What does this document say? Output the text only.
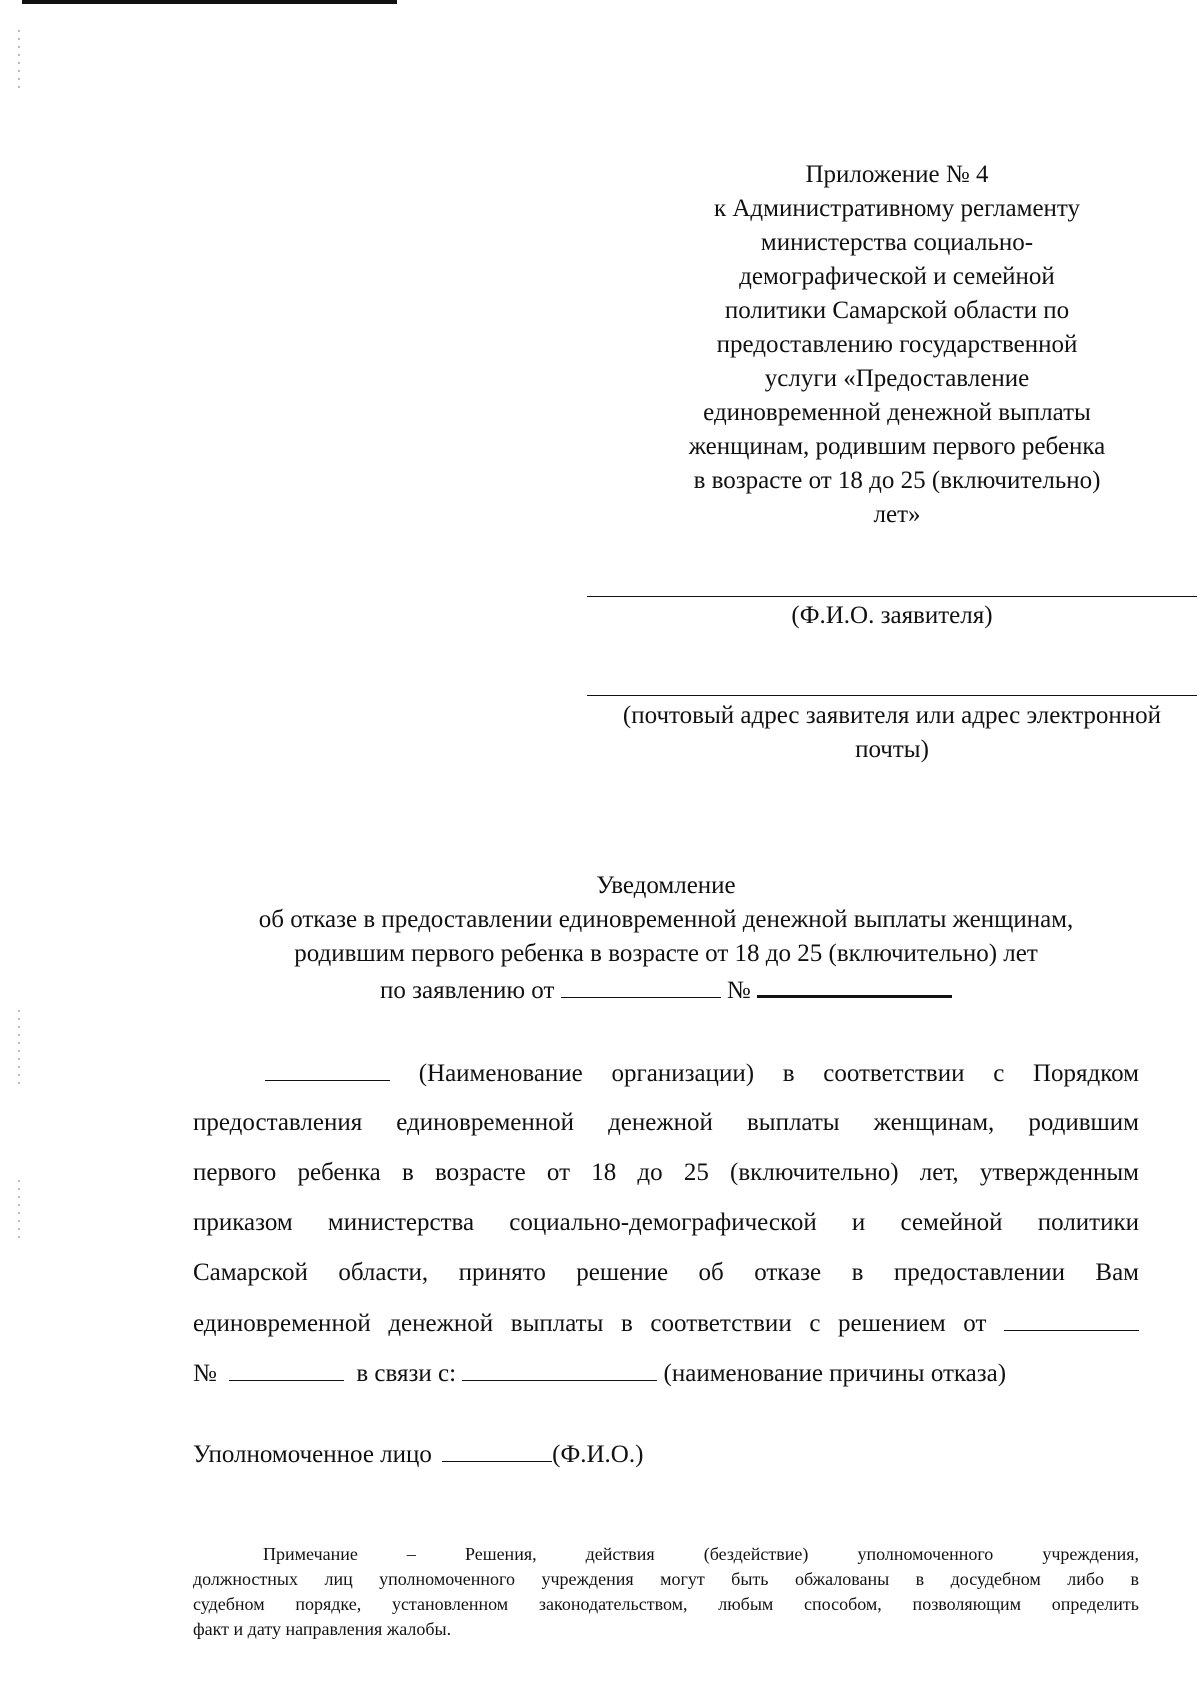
Приложение № 4
к Административному регламенту
министерства социально-
демографической и семейной
политики Самарской области по
предоставлению государственной
услуги «Предоставление
единовременной денежной выплаты
женщинам, родившим первого ребенка
в возрасте от 18 до 25 (включительно)
лет»
(Ф.И.О. заявителя)
(почтовый адрес заявителя или адрес электронной
почты)
Уведомление
об отказе в предоставлении единовременной денежной выплаты женщинам,
родившим первого ребенка в возрасте от 18 до 25 (включительно) лет
по заявлению от	№
(Наименование организации) в соответствии с Порядком
предоставления единовременной денежной выплаты женщинам, родившим
первого ребенка в возрасте от 18 до 25 (включительно) лет, утвержденным
приказом министерства социально-демографической и семейной политики
Самарской области, принято решение об отказе в предоставлении Вам
единовременной денежной выплаты в соответствии с решением от
№	в связи с:	(наименование причины отказа)
Уполномоченное лицо	(Ф.И.О.)
Примечание – Решения, действия (бездействие) уполномоченного учреждения,
должностных лиц уполномоченного учреждения могут быть обжалованы в досудебном либо в
судебном порядке, установленном законодательством, любым способом, позволяющим определить
факт и дату направления жалобы.
